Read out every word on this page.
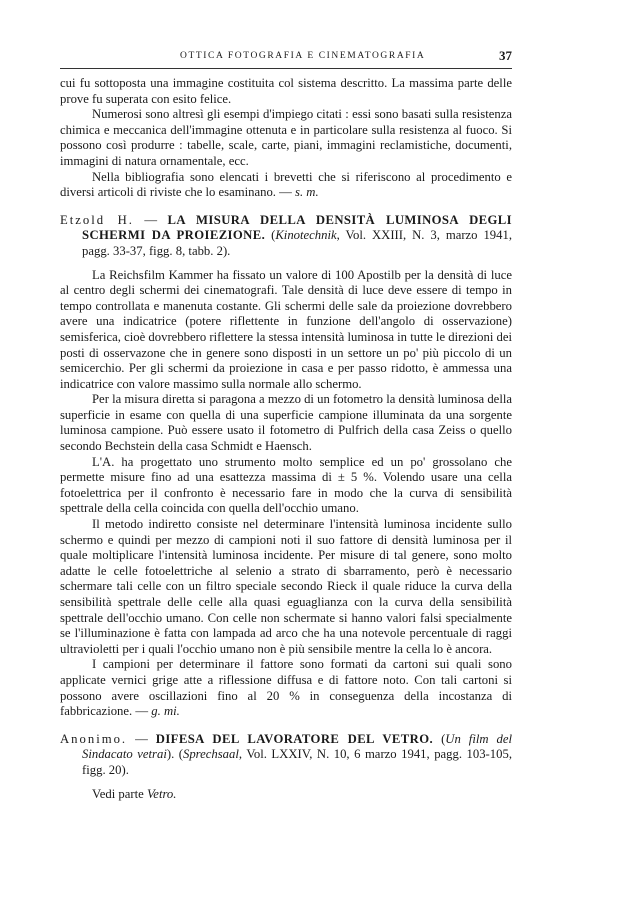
OTTICA FOTOGRAFIA E CINEMATOGRAFIA	37

cui fu sottoposta una immagine costituita col sistema descritto. La massima parte delle prove fu superata con esito felice.

Numerosi sono altresì gli esempi d'impiego citati : essi sono basati sulla resistenza chimica e meccanica dell'immagine ottenuta e in particolare sulla resistenza al fuoco. Si possono così produrre : tabelle, scale, carte, piani, immagini reclamistiche, documenti, immagini di natura ornamentale, ecc.

Nella bibliografia sono elencati i brevetti che si riferiscono al procedimento e diversi articoli di riviste che lo esaminano. — s. m.

Etzold H. — LA MISURA DELLA DENSITÀ LUMINOSA DEGLI SCHERMI DA PROIEZIONE. (Kinotechnik, Vol. XXIII, N. 3, marzo 1941, pagg. 33-37, figg. 8, tabb. 2).

La Reichsfilm Kammer ha fissato un valore di 100 Apostilb per la densità di luce al centro degli schermi dei cinematografi. Tale densità di luce deve essere di tempo in tempo controllata e manenuta costante. Gli schermi delle sale da proiezione dovrebbero avere una indicatrice (potere riflettente in funzione dell'angolo di osservazione) semisferica, cioè dovrebbero riflettere la stessa intensità luminosa in tutte le direzioni dei posti di osservazone che in genere sono disposti in un settore un po' più piccolo di un semicerchio. Per gli schermi da proiezione in casa e per passo ridotto, è ammessa una indicatrice con valore massimo sulla normale allo schermo.

Per la misura diretta si paragona a mezzo di un fotometro la densità luminosa della superficie in esame con quella di una superficie campione illuminata da una sorgente luminosa campione. Può essere usato il fotometro di Pulfrich della casa Zeiss o quello secondo Bechstein della casa Schmidt e Haensch.

L'A. ha progettato uno strumento molto semplice ed un po' grossolano che permette misure fino ad una esattezza massima di ± 5 %. Volendo usare una cella fotoelettrica per il confronto è necessario fare in modo che la curva di sensibilità spettrale della cella coincida con quella dell'occhio umano.

Il metodo indiretto consiste nel determinare l'intensità luminosa incidente sullo schermo e quindi per mezzo di campioni noti il suo fattore di densità luminosa per il quale moltiplicare l'intensità luminosa incidente. Per misure di tal genere, sono molto adatte le celle fotoelettriche al selenio a strato di sbarramento, però è necessario schermare tali celle con un filtro speciale secondo Rieck il quale riduce la curva della sensibilità spettrale delle celle alla quasi eguaglianza con la curva della sensibilità spettrale dell'occhio umano. Con celle non schermate si hanno valori falsi specialmente se l'illuminazione è fatta con lampada ad arco che ha una notevole percentuale di raggi ultravioletti per i quali l'occhio umano non è più sensibile mentre la cella lo è ancora.

I campioni per determinare il fattore sono formati da cartoni sui quali sono applicate vernici grige atte a riflessione diffusa e di fattore noto. Con tali cartoni si possono avere oscillazioni fino al 20 % in conseguenza della incostanza di fabbricazione. — g. mi.

Anonimo. — DIFESA DEL LAVORATORE DEL VETRO. (Un film del Sindacato vetrai). (Sprechsaal, Vol. LXXIV, N. 10, 6 marzo 1941, pagg. 103-105, figg. 20).

Vedi parte Vetro.
